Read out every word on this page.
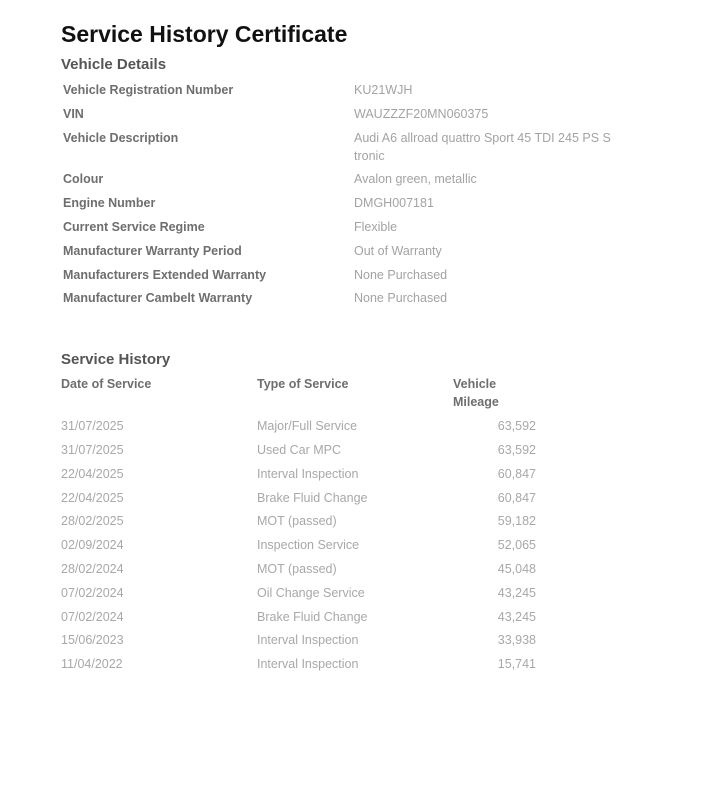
Service History Certificate
Vehicle Details
Vehicle Registration Number	KU21WJH
VIN	WAUZZZF20MN060375
Vehicle Description	Audi A6 allroad quattro Sport 45 TDI 245 PS S tronic
Colour	Avalon green, metallic
Engine Number	DMGH007181
Current Service Regime	Flexible
Manufacturer Warranty Period	Out of Warranty
Manufacturers Extended Warranty	None Purchased
Manufacturer Cambelt Warranty	None Purchased
Service History
Date of Service	Type of Service	Vehicle Mileage
31/07/2025	Major/Full Service	63,592
31/07/2025	Used Car MPC	63,592
22/04/2025	Interval Inspection	60,847
22/04/2025	Brake Fluid Change	60,847
28/02/2025	MOT (passed)	59,182
02/09/2024	Inspection Service	52,065
28/02/2024	MOT (passed)	45,048
07/02/2024	Oil Change Service	43,245
07/02/2024	Brake Fluid Change	43,245
15/06/2023	Interval Inspection	33,938
11/04/2022	Interval Inspection	15,741
